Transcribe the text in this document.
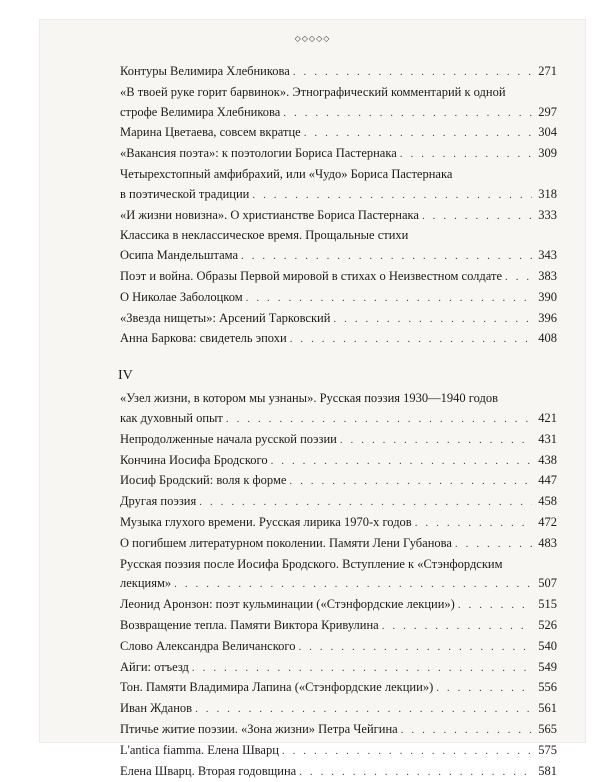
◇◇◇◇◇
Контуры Велимира Хлебникова . . .	271
«В твоей руке горит барвинок». Этнографический комментарий к одной
строфе Велимира Хлебникова . . .	297
Марина Цветаева, совсем вкратце . . .	304
«Вакансия поэта»: к поэтологии Бориса Пастернака . . .	309
Четырехстопный амфибрахий, или «Чудо» Бориса Пастернака
в поэтической традиции . . .	318
«И жизни новизна». О христианстве Бориса Пастернака . . .	333
Классика в неклассическое время. Прощальные стихи
Осипа Мандельштама . . .	343
Поэт и война. Образы Первой мировой в стихах о Неизвестном солдате . . .	383
О Николае Заболоцком . . .	390
«Звезда нищеты»: Арсений Тарковский . . .	396
Анна Баркова: свидетель эпохи . . .	408
IV
«Узел жизни, в котором мы узнаны». Русская поэзия 1930—1940 годов
как духовный опыт . . .	421
Непродолженные начала русской поэзии . . .	431
Кончина Иосифа Бродского . . .	438
Иосиф Бродский: воля к форме . . .	447
Другая поэзия . . .	458
Музыка глухого времени. Русская лирика 1970-х годов . . .	472
О погибшем литературном поколении. Памяти Лени Губанова . . .	483
Русская поэзия после Иосифа Бродского. Вступление к «Стэнфордским
лекциям» . . .	507
Леонид Аронзон: поэт кульминации («Стэнфордские лекции») . . .	515
Возвращение тепла. Памяти Виктора Кривулина . . .	526
Слово Александра Величанского . . .	540
Айги: отъезд . . .	549
Тон. Памяти Владимира Лапина («Стэнфордские лекции») . . .	556
Иван Жданов . . .	561
Птичье житие поэзии. «Зона жизни» Петра Чейгина . . .	565
L'antica fiamma. Елена Шварц . . .	575
Елена Шварц. Вторая годовщина . . .	581
